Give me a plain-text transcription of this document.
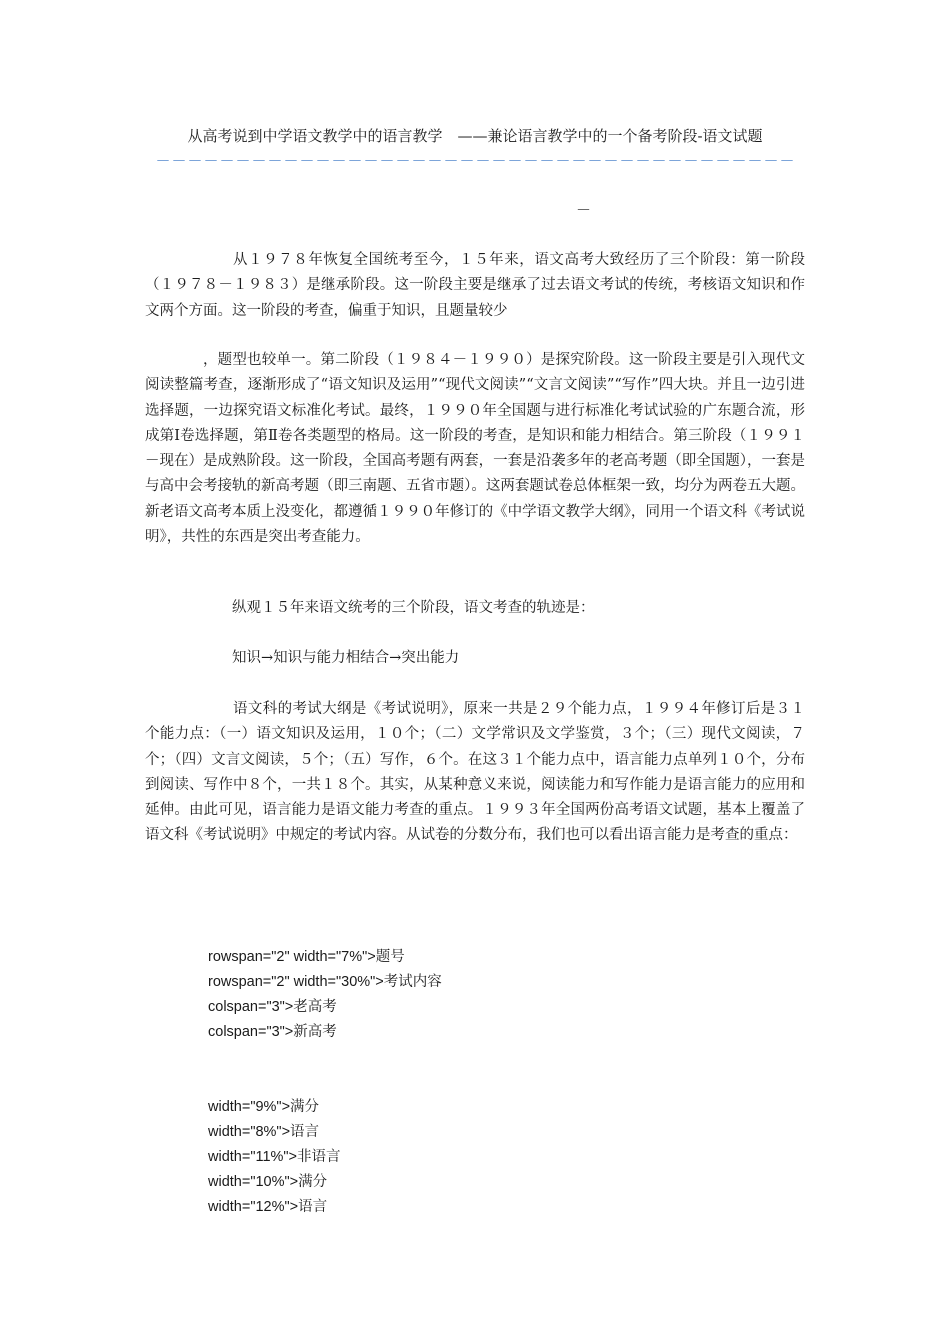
从高考说到中学语文教学中的语言教学　——兼论语言教学中的一个备考阶段-语文试题
－－－－－－－－－－－－－－－－－－－－－－－－－－－－－－－－－－－－－－－－
－
从１９７８年恢复全国统考至今，１５年来，语文高考大致经历了三个阶段：第一阶段（１９７８－１９８３）是继承阶段。这一阶段主要是继承了过去语文考试的传统，考核语文知识和作文两个方面。这一阶段的考查，偏重于知识，且题量较少
，题型也较单一。第二阶段（１９８４－１９９０）是探究阶段。这一阶段主要是引入现代文阅读整篇考查，逐渐形成了“语文知识及运用”“现代文阅读”“文言文阅读”“写作”四大块。并且一边引进选择题，一边探究语文标准化考试。最终，１９９０年全国题与进行标准化考试试验的广东题合流，形成第Ⅰ卷选择题，第Ⅱ卷各类题型的格局。这一阶段的考查，是知识和能力相结合。第三阶段（１９９１－现在）是成熟阶段。这一阶段，全国高考题有两套，一套是沿袭多年的老高考题（即全国题），一套是与高中会考接轨的新高考题（即三南题、五省市题）。这两套题试卷总体框架一致，均分为两卷五大题。新老语文高考本质上没变化，都遵循１９９０年修订的《中学语文教学大纲》，同用一个语文科《考试说明》，共性的东西是突出考查能力。
纵观１５年来语文统考的三个阶段，语文考查的轨迹是：
知识→知识与能力相结合→突出能力
语文科的考试大纲是《考试说明》，原来一共是２９个能力点，１９９４年修订后是３１个能力点：（一）语文知识及运用，１０个；（二）文学常识及文学鉴赏，３个；（三）现代文阅读，７个；（四）文言文阅读，５个；（五）写作，６个。在这３１个能力点中，语言能力点单列１０个，分布到阅读、写作中８个，一共１８个。其实，从某种意义来说，阅读能力和写作能力是语言能力的应用和延伸。由此可见，语言能力是语文能力考查的重点。１９９３年全国两份高考语文试题，基本上覆盖了语文科《考试说明》中规定的考试内容。从试卷的分数分布，我们也可以看出语言能力是考查的重点：
rowspan="2" width="7%">题号
rowspan="2" width="30%">考试内容
colspan="3">老高考
colspan="3">新高考
width="9%">满分
width="8%">语言
width="11%">非语言
width="10%">满分
width="12%">语言
